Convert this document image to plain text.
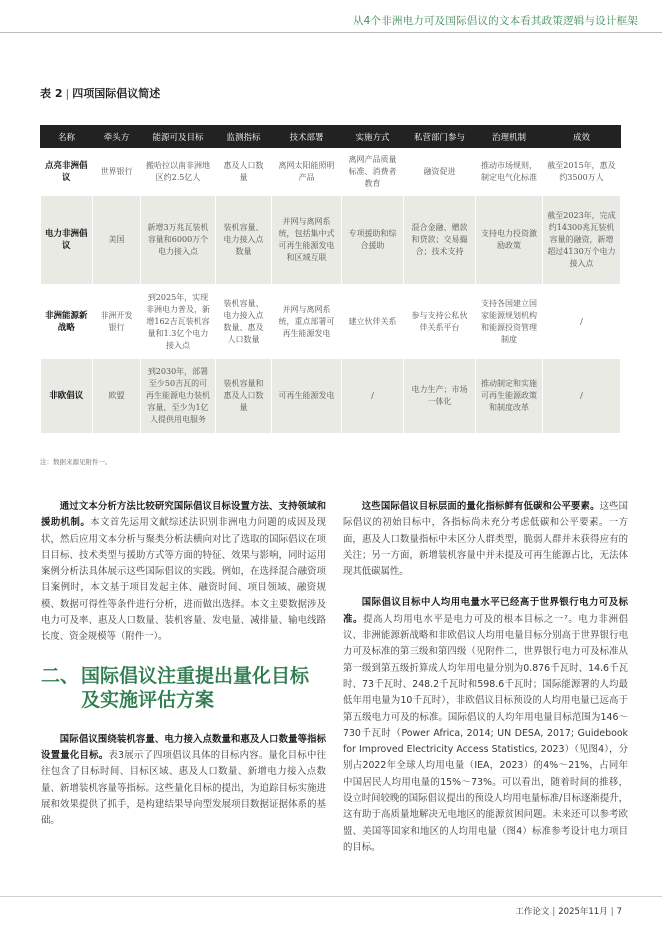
从4个非洲电力可及国际倡议的文本看其政策逻辑与设计框架
表 2 | 四项国际倡议简述
名称	牵头方	能源可及目标	监测指标	技术部署	实施方式	私营部门参与	治理机制	成效
点亮非洲倡议	世界银行	搬哈拉以南非洲地区约2.5亿人	惠及人口数量	离网太阳能照明产品	离网产品质量标准、消费者教育	融资促进	推动市场规则，制定电气化标准	截至2015年，惠及约3500万人
电力非洲倡议	美国	新增3万兆瓦装机容量和6000万个电力接入点	装机容量、电力接入点数量	并网与离网系统，包括集中式可再生能源发电和区域互联	专项援助和综合援助	混合金融、赠款和贷款；交易撮合；技术支持	支持电力投资激励政策	截至2023年，完成约14300兆瓦装机容量的融资，新增超过4130万个电力接入点
非洲能源新战略	非洲开发银行	到2025年，实现非洲电力普及，新增162吉瓦装机容量和1.3亿个电力接入点	装机容量、电力接入点数量、惠及人口数量	并网与离网系统，重点部署可再生能源发电	建立伙伴关系	参与支持公私伙伴关系平台	支持各国建立国家能源规划机构和能源投资管理制度	/
非欧倡议	欧盟	到2030年，部署至少50吉瓦的可再生能源电力装机容量，至少为1亿人提供用电服务	装机容量和惠及人口数量	可再生能源发电	/	电力生产；市场一体化	推动制定和实施可再生能源政策和制度改革	/
注：数据来源见附件一。

通过文本分析方法比较研究国际倡议目标设置方法、支持领域和援助机制。本文首先运用文献综述法识别非洲电力问题的成因及现状，然后应用文本分析与聚类分析法横向对比了选取的国际倡议在项目目标、技术类型与援助方式等方面的特征、效果与影响，同时运用案例分析法具体展示这些国际倡议的实践。例如，在选择混合融资项目案例时，本文基于项目发起主体、融资时间、项目领域、融资规模、数据可得性等条件进行分析，进而做出选择。本文主要数据涉及电力可及率、惠及人口数量、装机容量、发电量、减排量、输电线路长度、资金规模等（附件一）。

二、 国际倡议注重提出量化目标
及实施评估方案

国际倡议围绕装机容量、电力接入点数量和惠及人口数量等指标设置量化目标。表3展示了四项倡议具体的目标内容。量化目标中往往包含了目标时间、目标区域、惠及人口数量、新增电力接入点数量、新增装机容量等指标。这些量化目标的提出，为追踪目标实施进展和效果提供了抓手，是构建结果导向型发展项目数据证据体系的基础。

这些国际倡议目标层面的量化指标鲜有低碳和公平要素。这些国际倡议的初始目标中，各指标尚未充分考虑低碳和公平要素。一方面，惠及人口数量指标中未区分人群类型，脆弱人群并未获得应有的关注；另一方面，新增装机容量中并未提及可再生能源占比，无法体现其低碳属性。

国际倡议目标中人均用电量水平已经高于世界银行电力可及标准。提高人均用电水平是电力可及的根本目标之一⁷。电力非洲倡议、非洲能源新战略和非欧倡议人均用电量目标分别高于世界银行电力可及标准的第三级和第四级（见附件二，世界银行电力可及标准从第一级到第五级折算成人均年用电量分别为0.876千瓦时、14.6千瓦时、73千瓦时、248.2千瓦时和598.6千瓦时；国际能源署的人均最低年用电量为10千瓦时），非欧倡议目标预设的人均用电量已远高于第五级电力可及的标准。国际倡议的人均年用电量目标范围为146～730千瓦时（Power Africa, 2014; UN DESA, 2017; Guidebook for Improved Electricity Access Statistics, 2023）（见图4），分别占2022年全球人均用电量（IEA，2023）的4%～21%，占同年中国居民人均用电量的15%～73%。可以看出，随着时间的推移，设立时间较晚的国际倡议提出的预设人均用电量标准/目标逐渐提升，这有助于高质量地解决无电地区的能源贫困问题。未来还可以参考欧盟、美国等国家和地区的人均用电量（图4）标准参考设计电力项目的目标。

工作论文 | 2025年11月 | 7
